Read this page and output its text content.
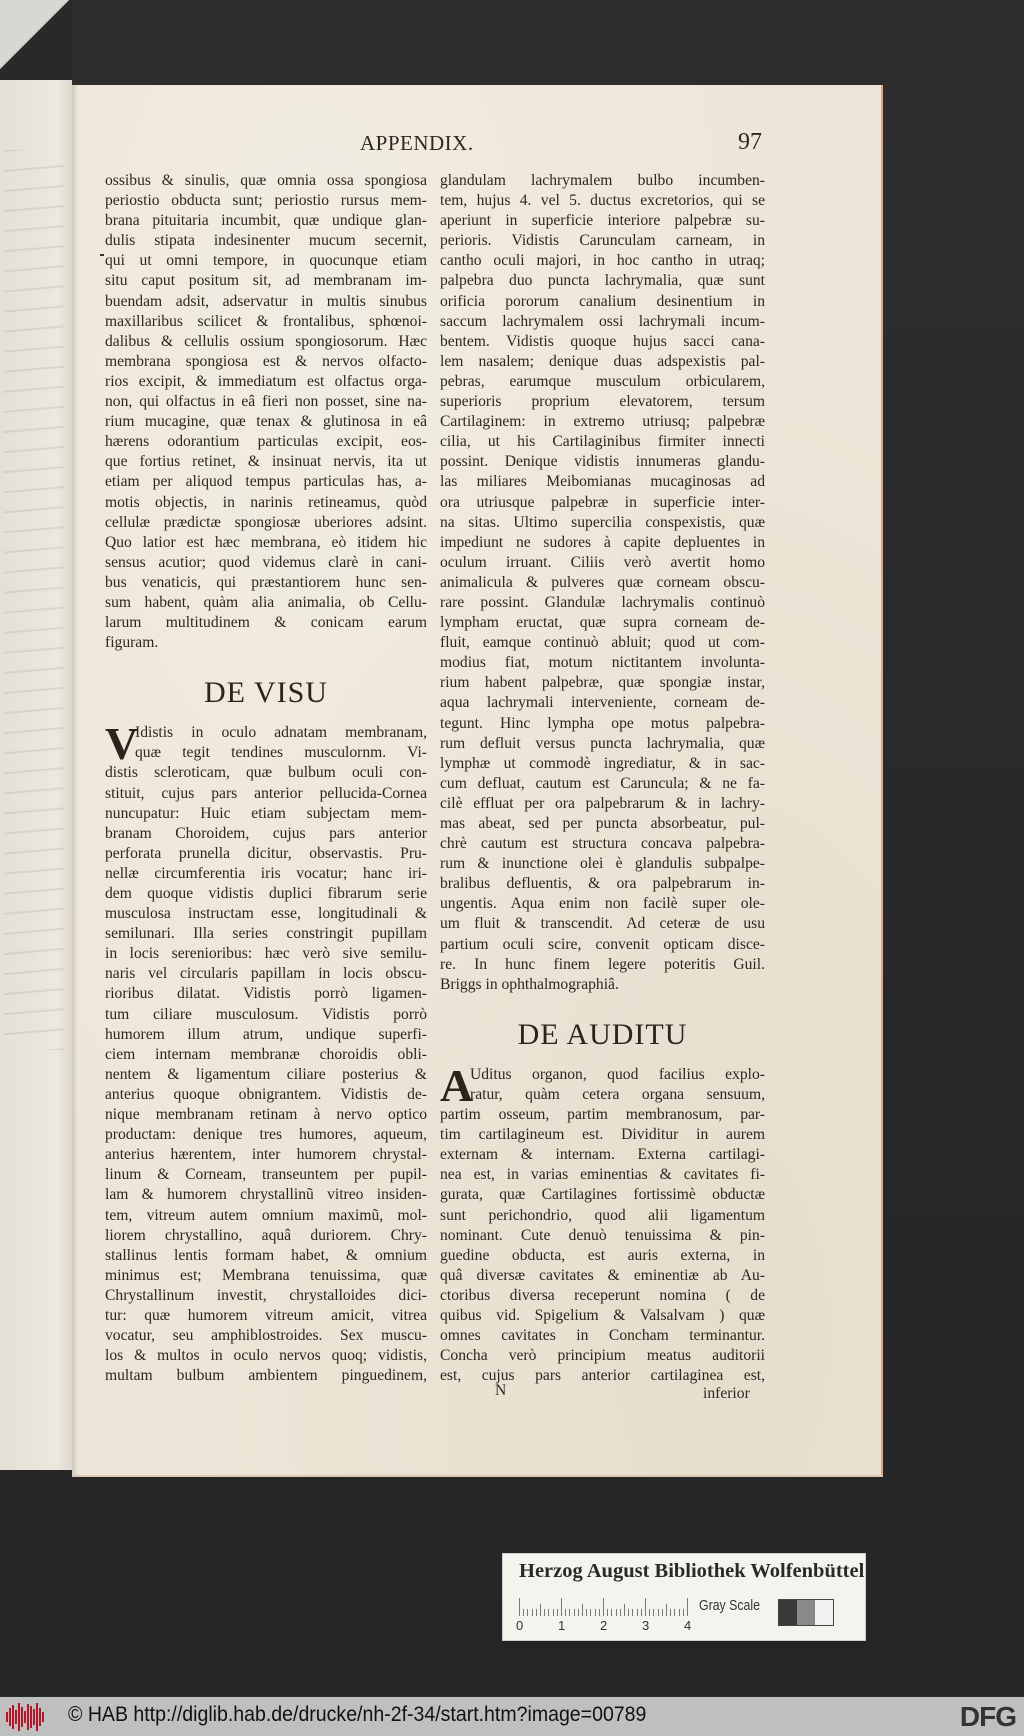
APPENDIX.	97
ossibus & sinulis, quæ omnia ossa spongiosa
periostio obducta sunt; periostio rursus mem-
brana pituitaria incumbit, quæ undique glan-
dulis stipata indesinenter mucum secernit,
qui ut omni tempore, in quocunque etiam
situ caput positum sit, ad membranam im-
buendam adsit, adservatur in multis sinubus
maxillaribus scilicet & frontalibus, sphœnoi-
dalibus & cellulis ossium spongiosorum. Hæc
membrana spongiosa est & nervos olfacto-
rios excipit, & immediatum est olfactus orga-
non, qui olfactus in eâ fieri non posset, sine na-
rium mucagine, quæ tenax & glutinosa in eâ
hærens odorantium particulas excipit, eos-
que fortius retinet, & insinuat nervis, ita ut
etiam per aliquod tempus particulas has, a-
motis objectis, in narinis retineamus, quòd
cellulæ prædictæ spongiosæ uberiores adsint.
Quo latior est hæc membrana, eò itidem hic
sensus acutior; quod videmus clarè in cani-
bus venaticis, qui præstantiorem hunc sen-
sum habent, quàm alia animalia, ob Cellu-
larum multitudinem & conicam earum
figuram.
DE VISU
V
Idistis in oculo adnatam membranam,
quæ tegit tendines musculornm. Vi-
distis scleroticam, quæ bulbum oculi con-
stituit, cujus pars anterior pellucida-Cornea
nuncupatur: Huic etiam subjectam mem-
branam Choroidem, cujus pars anterior
perforata prunella dicitur, observastis. Pru-
nellæ circumferentia iris vocatur; hanc iri-
dem quoque vidistis duplici fibrarum serie
musculosa instructam esse, longitudinali &
semilunari. Illa series constringit pupillam
in locis serenioribus: hæc verò sive semilu-
naris vel circularis papillam in locis obscu-
rioribus dilatat. Vidistis porrò ligamen-
tum ciliare musculosum. Vidistis porrò
humorem illum atrum, undique superfi-
ciem internam membranæ choroidis obli-
nentem & ligamentum ciliare posterius &
anterius quoque obnigrantem. Vidistis de-
nique membranam retinam à nervo optico
productam: denique tres humores, aqueum,
anterius hærentem, inter humorem chrystal-
linum & Corneam, transeuntem per pupil-
lam & humorem chrystallinũ vitreo insiden-
tem, vitreum autem omnium maximũ, mol-
liorem chrystallino, aquâ duriorem. Chry-
stallinus lentis formam habet, & omnium
minimus est; Membrana tenuissima, quæ
Chrystallinum investit, chrystalloides dici-
tur: quæ humorem vitreum amicit, vitrea
vocatur, seu amphiblostroides. Sex muscu-
los & multos in oculo nervos quoq; vidistis,
multam bulbum ambientem pinguedinem,
glandulam lachrymalem bulbo incumben-
tem, hujus 4. vel 5. ductus excretorios, qui se
aperiunt in superficie interiore palpebræ su-
perioris. Vidistis Carunculam carneam, in
cantho oculi majori, in hoc cantho in utraq;
palpebra duo puncta lachrymalia, quæ sunt
orificia pororum canalium desinentium in
saccum lachrymalem ossi lachrymali incum-
bentem. Vidistis quoque hujus sacci cana-
lem nasalem; denique duas adspexistis pal-
pebras, earumque musculum orbicularem,
superioris proprium elevatorem, tersum
Cartilaginem: in extremo utriusq; palpebræ
cilia, ut his Cartilaginibus firmiter innecti
possint. Denique vidistis innumeras glandu-
las miliares Meibomianas mucaginosas ad
ora utriusque palpebræ in superficie inter-
na sitas. Ultimo supercilia conspexistis, quæ
impediunt ne sudores à capite depluentes in
oculum irruant. Ciliis verò avertit homo
animalicula & pulveres quæ corneam obscu-
rare possint. Glandulæ lachrymalis continuò
lympham eructat, quæ supra corneam de-
fluit, eamque continuò abluit; quod ut com-
modius fiat, motum nictitantem involunta-
rium habent palpebræ, quæ spongiæ instar,
aqua lachrymali interveniente, corneam de-
tegunt. Hinc lympha ope motus palpebra-
rum defluit versus puncta lachrymalia, quæ
lymphæ ut commodè ingrediatur, & in sac-
cum defluat, cautum est Caruncula; & ne fa-
cilè effluat per ora palpebrarum & in lachry-
mas abeat, sed per puncta absorbeatur, pul-
chrè cautum est structura concava palpebra-
rum & inunctione olei è glandulis subpalpe-
bralibus defluentis, & ora palpebrarum in-
ungentis. Aqua enim non facilè super ole-
um fluit & transcendit. Ad ceteræ de usu
partium oculi scire, convenit opticam disce-
re. In hunc finem legere poteritis Guil.
Briggs in ophthalmographiâ.
DE AUDITU
A
Uditus organon, quod facilius explo-
ratur, quàm cetera organa sensuum,
partim osseum, partim membranosum, par-
tim cartilagineum est. Dividitur in aurem
externam & internam. Externa cartilagi-
nea est, in varias eminentias & cavitates fi-
gurata, quæ Cartilagines fortissimè obductæ
sunt perichondrio, quod alii ligamentum
nominant. Cute denuò tenuissima & pin-
guedine obducta, est auris externa, in
quâ diversæ cavitates & eminentiæ ab Au-
ctoribus diversa receperunt nomina ( de
quibus vid. Spigelium & Valsalvam ) quæ
omnes cavitates in Concham terminantur.
Concha verò principium meatus auditorii
est, cujus pars anterior cartilaginea est,
N	inferior
Herzog August Bibliothek Wolfenbüttel
0	1	2	3	4
Gray Scale
© HAB http://diglib.hab.de/drucke/nh-2f-34/start.htm?image=00789	DFG
